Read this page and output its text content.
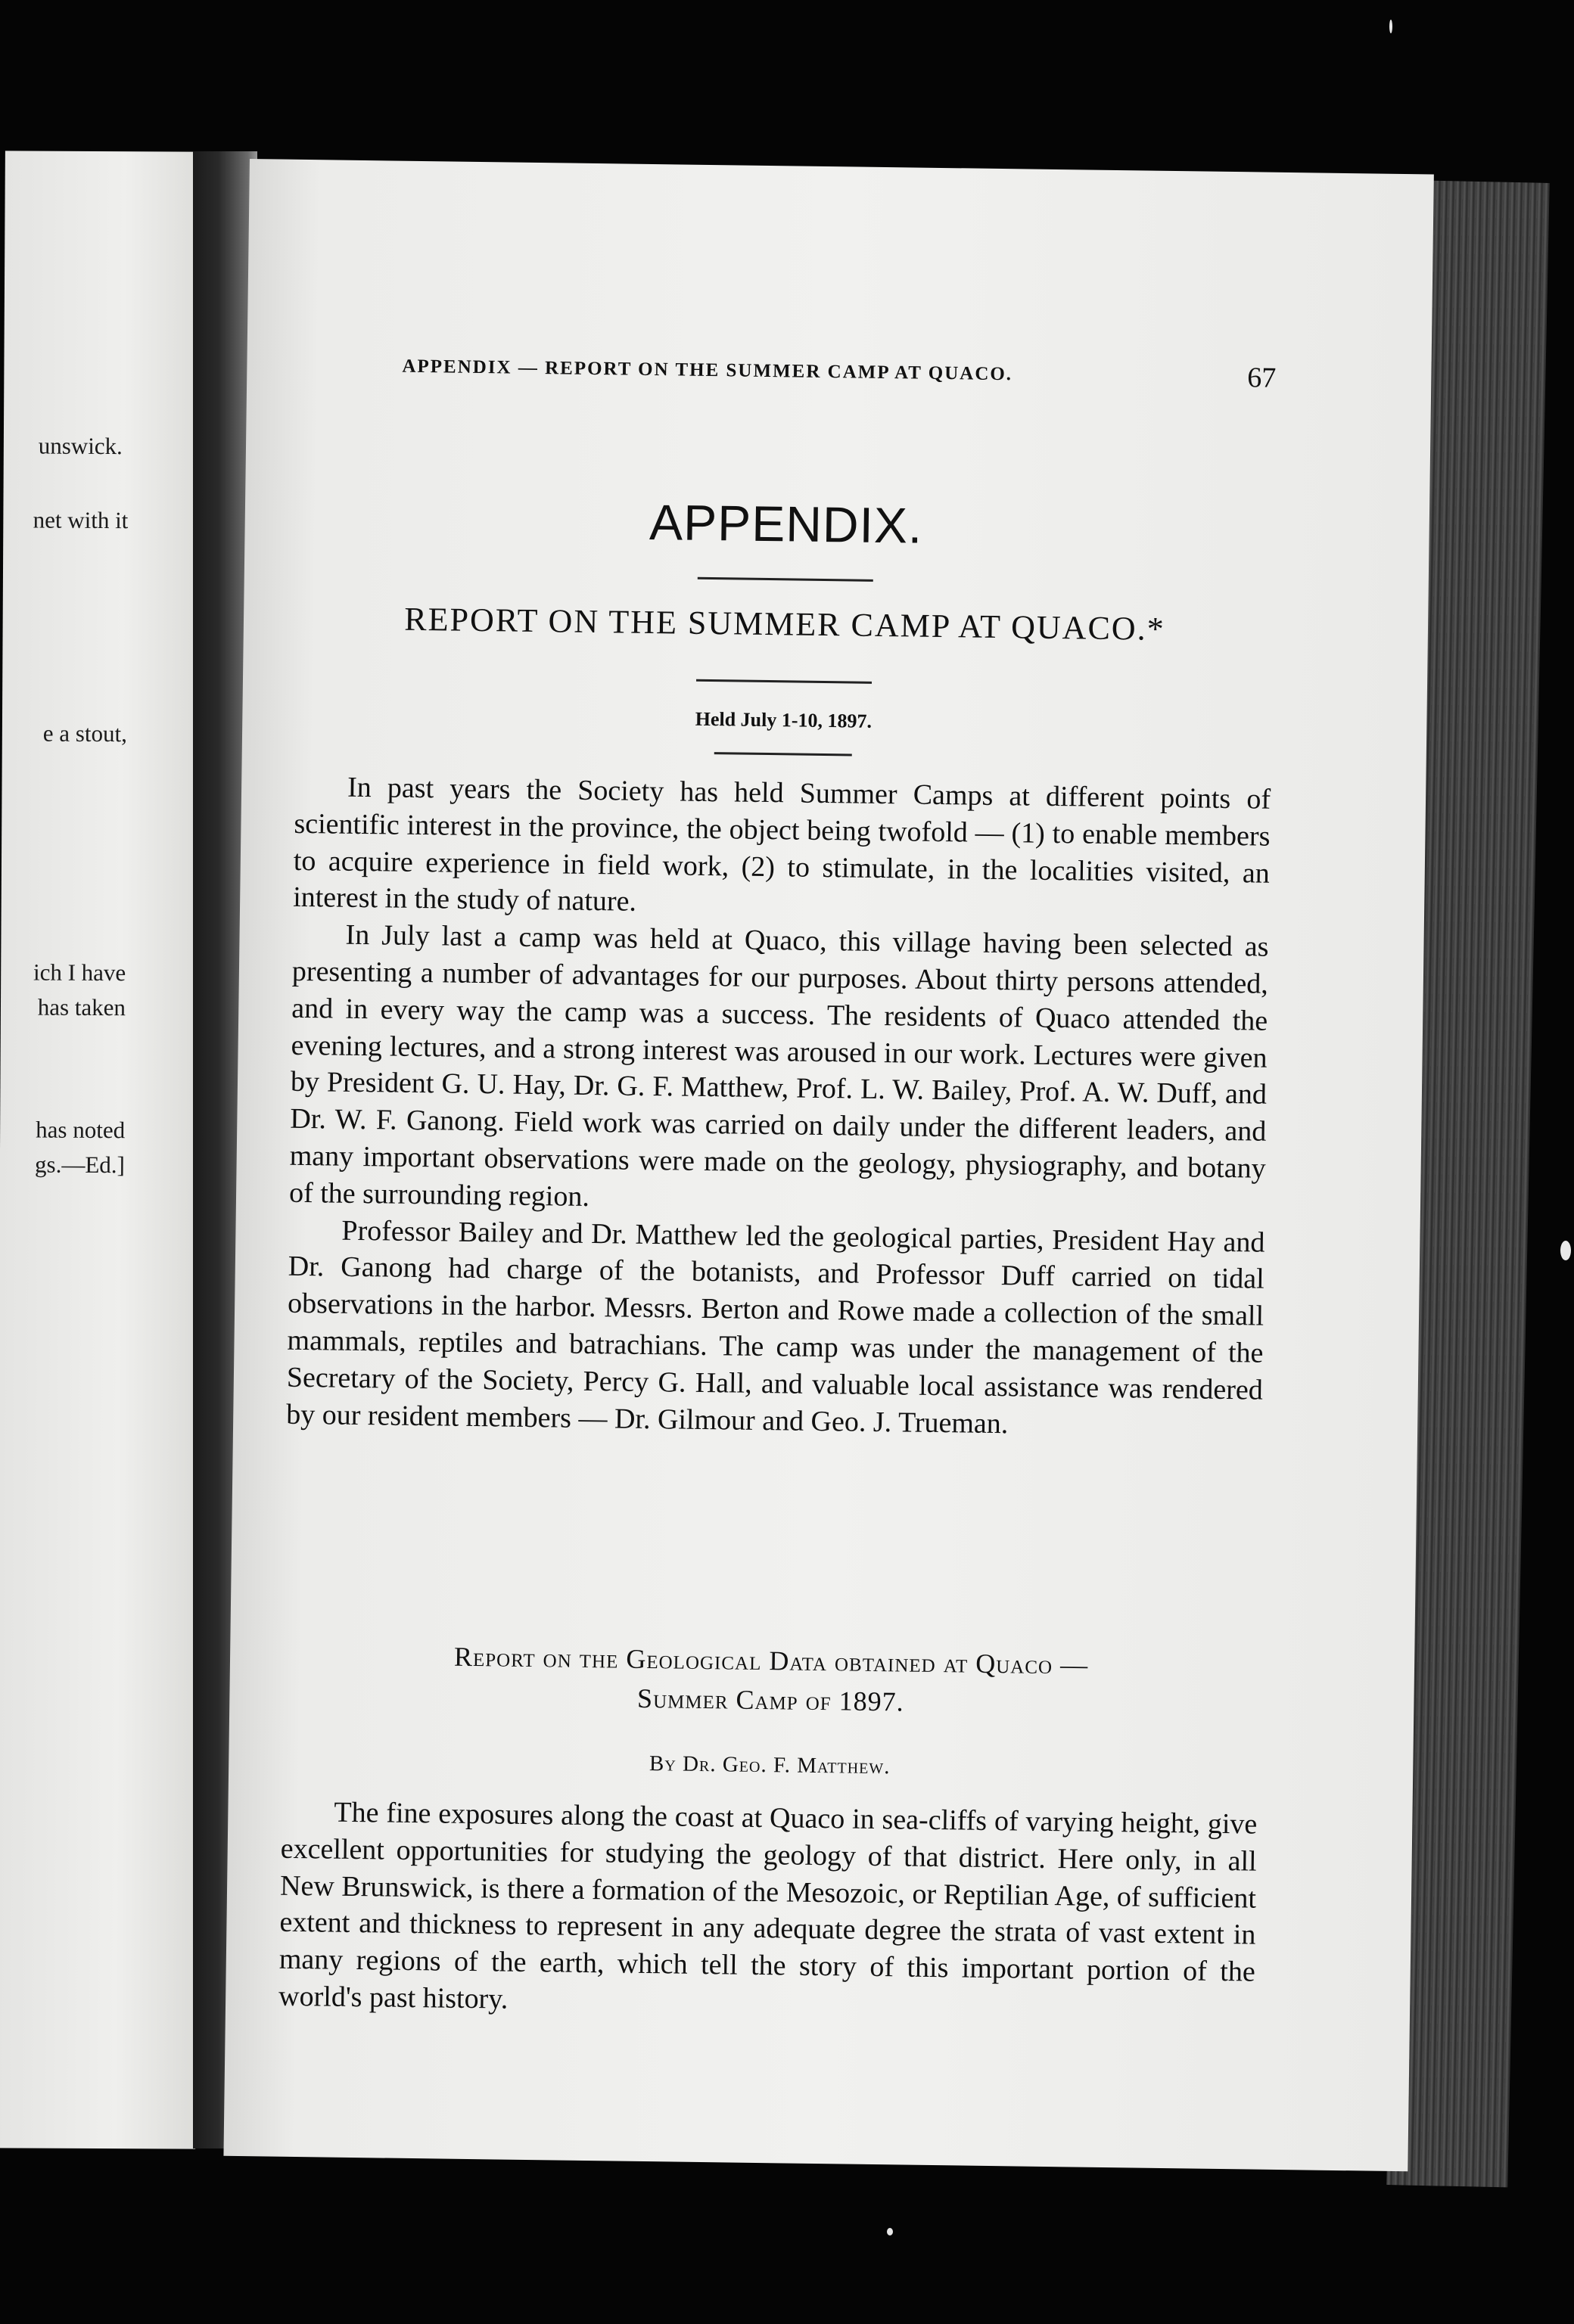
unswick.
net with it
e a stout,
ich I have
has taken
has noted
gs.—Ed.]
APPENDIX — REPORT ON THE SUMMER CAMP AT QUACO.	67
APPENDIX.
REPORT ON THE SUMMER CAMP AT QUACO.*
Held July 1-10, 1897.

In past years the Society has held Summer Camps at different points of scientific interest in the province, the object being twofold — (1) to enable members to acquire experience in field work, (2) to stimulate, in the localities visited, an interest in the study of nature.

In July last a camp was held at Quaco, this village having been selected as presenting a number of advantages for our purposes. About thirty persons attended, and in every way the camp was a success. The residents of Quaco attended the evening lectures, and a strong interest was aroused in our work. Lectures were given by President G. U. Hay, Dr. G. F. Matthew, Prof. L. W. Bailey, Prof. A. W. Duff, and Dr. W. F. Ganong. Field work was carried on daily under the different leaders, and many important observations were made on the geology, physiography, and botany of the surrounding region.

Professor Bailey and Dr. Matthew led the geological parties, President Hay and Dr. Ganong had charge of the botanists, and Professor Duff carried on tidal observations in the harbor. Messrs. Berton and Rowe made a collection of the small mammals, reptiles and batrachians. The camp was under the management of the Secretary of the Society, Percy G. Hall, and valuable local assistance was rendered by our resident members — Dr. Gilmour and Geo. J. Trueman.

Report on the Geological Data obtained at Quaco —
Summer Camp of 1897.
By Dr. Geo. F. Matthew.

The fine exposures along the coast at Quaco in sea-cliffs of varying height, give excellent opportunities for studying the geology of that district. Here only, in all New Brunswick, is there a formation of the Mesozoic, or Reptilian Age, of sufficient extent and thickness to represent in any adequate degree the strata of vast extent in many regions of the earth, which tell the story of this important portion of the world's past history.
